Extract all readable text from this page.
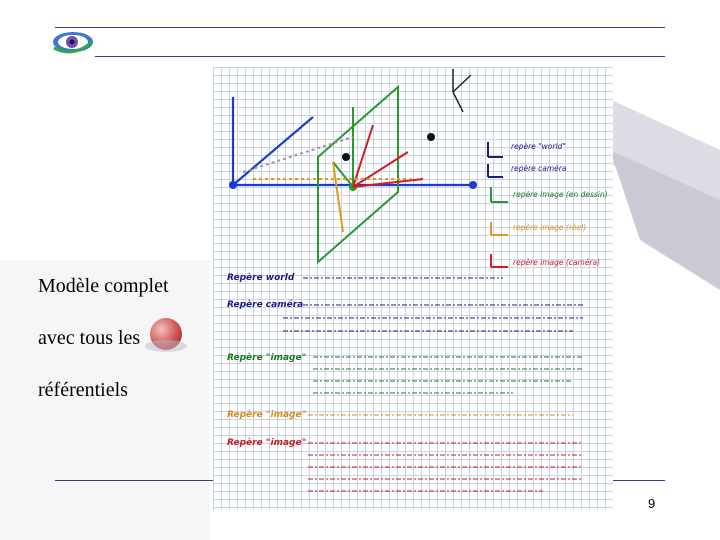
Modèle complet

avec tous les

référentiels

repère "world"
repère caméra
repère image (en dessin)
repère image (réel)
repère image (caméra)
Repère world
Repère caméra
Repère "image"
Repère "image"
Repère "image"
9
